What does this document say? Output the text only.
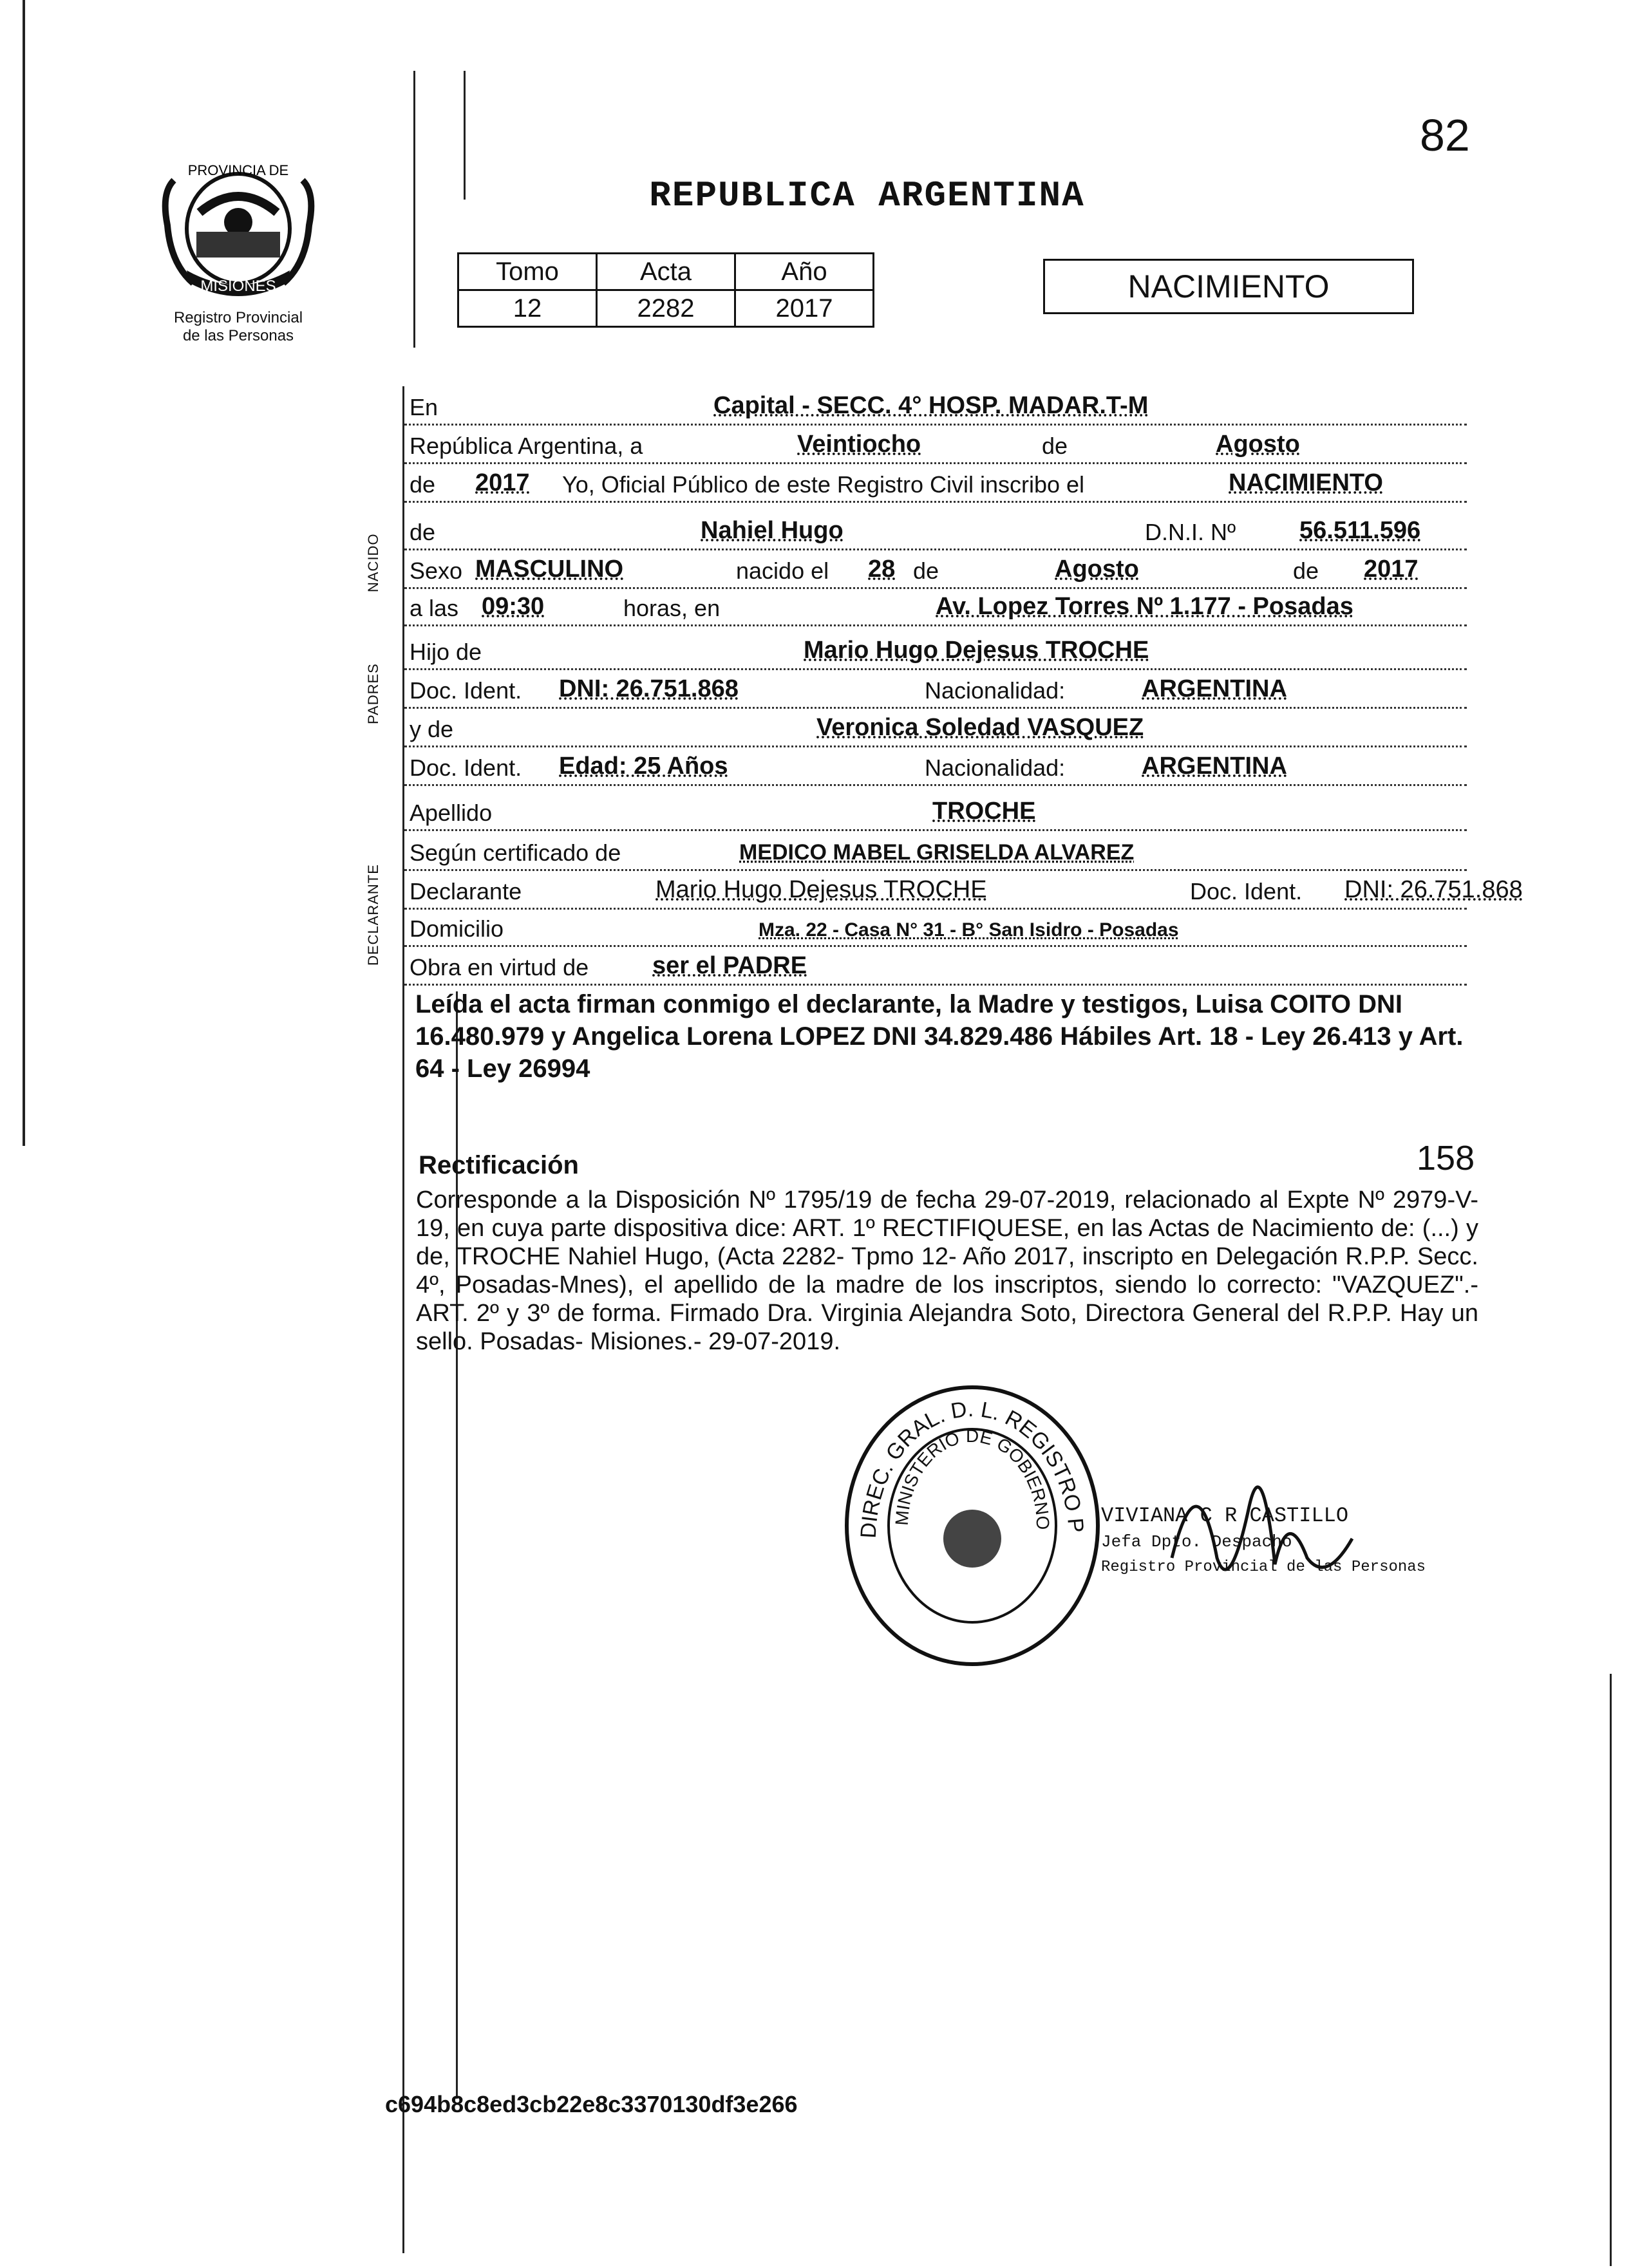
82
REPUBLICA ARGENTINA
PROVINCIA DE
MISIONES
Registro Provincial
de las Personas
Tomo	Acta	Año
12	2282	2017
NACIMIENTO
NACIDO
PADRES
DECLARANTE
En	Capital - SECC. 4° HOSP. MADAR.T-M
República Argentina, a	Veintiocho	de	Agosto
de 2017 Yo, Oficial Público de este Registro Civil inscribo el	NACIMIENTO
de	Nahiel Hugo	D.N.I. Nº	56.511.596
Sexo MASCULINO	nacido el 28 de	Agosto	de 2017
a las 09:30	horas, en	Av. Lopez Torres Nº 1.177 - Posadas
Hijo de	Mario Hugo Dejesus TROCHE
Doc. Ident. DNI: 26.751.868	Nacionalidad:	ARGENTINA
y de	Veronica Soledad VASQUEZ
Doc. Ident. Edad: 25 Años	Nacionalidad:	ARGENTINA
Apellido	TROCHE
Según certificado de	MEDICO MABEL GRISELDA ALVAREZ
Declarante	Mario Hugo Dejesus TROCHE	Doc. Ident. DNI: 26.751.868
Domicilio	Mza. 22 - Casa N° 31 - B° San Isidro - Posadas
Obra en virtud de	ser el PADRE
Leída el acta firman conmigo el declarante, la Madre y testigos, Luisa COITO DNI 16.480.979 y Angelica Lorena LOPEZ DNI 34.829.486 Hábiles Art. 18 - Ley 26.413 y Art. 64 - Ley 26994
Rectificación	158
Corresponde a la Disposición Nº 1795/19 de fecha 29-07-2019, relacionado al Expte Nº 2979-V-19, en cuya parte dispositiva dice: ART. 1º RECTIFIQUESE, en las Actas de Nacimiento de: (...) y de, TROCHE Nahiel Hugo, (Acta 2282- Tpmo 12- Año 2017, inscripto en Delegación R.P.P. Secc. 4º, Posadas-Mnes), el apellido de la madre de los inscriptos, siendo lo correcto: "VAZQUEZ".- ART. 2º y 3º de forma. Firmado Dra. Virginia Alejandra Soto, Directora General del R.P.P. Hay un sello. Posadas- Misiones.- 29-07-2019.
DIREC. GRAL. D. L. REGISTRO P
MINISTERIO DE GOBIERNO VIVIANA C R CASTILLO
Jefa Dpto. Despacho
Registro Provincial de las Personas
c694b8c8ed3cb22e8c3370130df3e266
